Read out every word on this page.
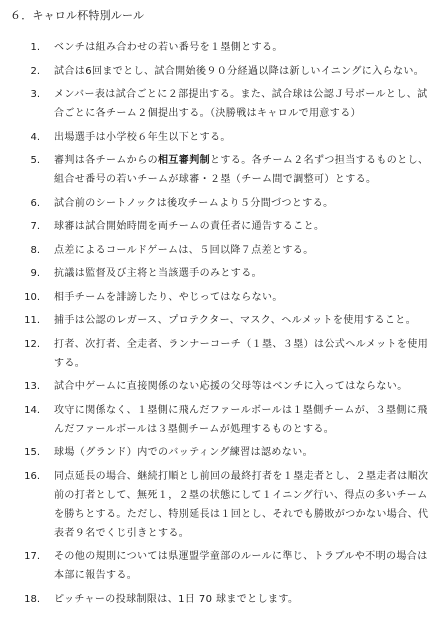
６．キャロル杯特別ルール
1.	ベンチは組み合わせの若い番号を１塁側とする。
2.	試合は6回までとし、試合開始後９０分経過以降は新しいイニングに入らない。
3.	メンバー表は試合ごとに２部提出する。また、試合球は公認Ｊ号ボールとし、試合ごとに各チーム２個提出する。（決勝戦はキャロルで用意する）
4.	出場選手は小学校６年生以下とする。
5.	審判は各チームからの相互審判制とする。各チーム２名ずつ担当するものとし、組合せ番号の若いチームが球審・２塁（チーム間で調整可）とする。
6.	試合前のシートノックは後攻チームより５分間づつとする。
7.	球審は試合開始時間を両チームの責任者に通告すること。
8.	点差によるコールドゲームは、５回以降７点差とする。
9.	抗議は監督及び主将と当該選手のみとする。
10.	相手チームを誹謗したり、やじってはならない。
11.	捕手は公認のレガース、プロテクター、マスク、ヘルメットを使用すること。
12.	打者、次打者、全走者、ランナーコーチ（１塁、３塁）は公式ヘルメットを使用する。
13.	試合中ゲームに直接関係のない応援の父母等はベンチに入ってはならない。
14.	攻守に関係なく、１塁側に飛んだファールボールは１塁側チームが、３塁側に飛んだファールボールは３塁側チームが処理するものとする。
15.	球場（グランド）内でのバッティング練習は認めない。
16.	同点延長の場合、継続打順とし前回の最終打者を１塁走者とし、２塁走者は順次前の打者として、無死１，２塁の状態にして１イニング行い、得点の多いチームを勝ちとする。ただし、特別延長は１回とし、それでも勝敗がつかない場合、代表者９名でくじ引きとする。
17.	その他の規則については県運盟学童部のルールに準じ、トラブルや不明の場合は本部に報告する。
18.	ピッチャーの投球制限は、1日 70 球までとします。
